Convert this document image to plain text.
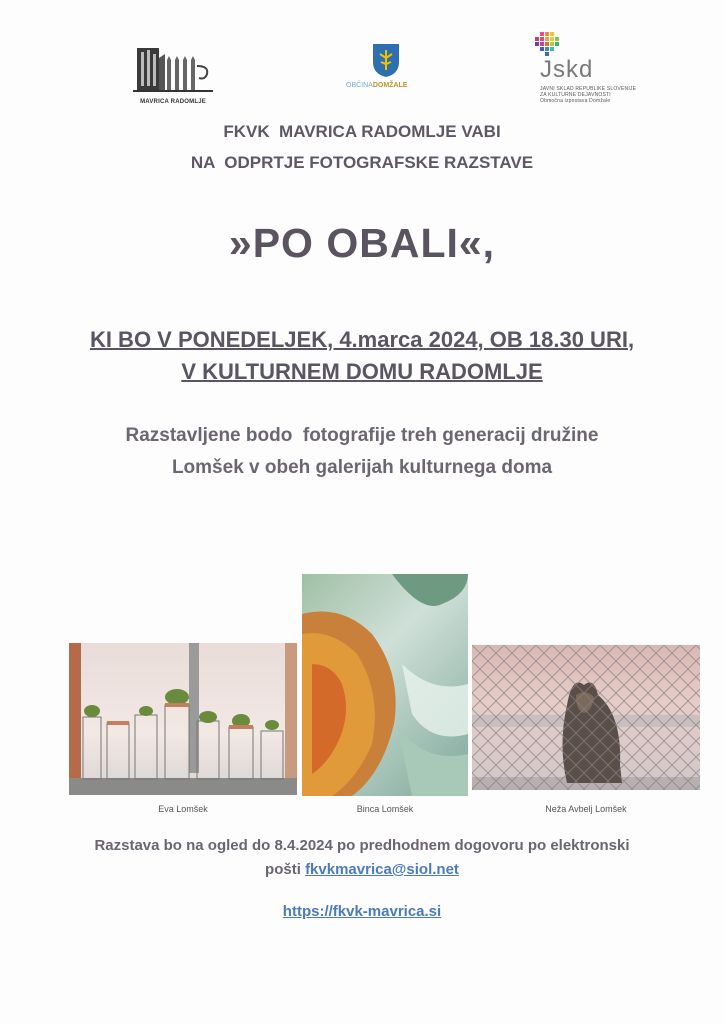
MAVRICA RADOMLJE
OBČINADOMŽALE
Jskd
JAVNI SKLAD REPUBLIKE SLOVENIJE
ZA KULTURNE DEJAVNOSTI
Območna izpostava Domžale
FKVK  MAVRICA RADOMLJE VABI
NA  ODPRTJE FOTOGRAFSKE RAZSTAVE
»PO OBALI«,
KI BO V PONEDELJEK, 4.marca 2024, OB 18.30 URI,
V KULTURNEM DOMU RADOMLJE
Razstavljene bodo  fotografije treh generacij družine
Lomšek v obeh galerijah kulturnega doma
Eva Lomšek	Binca Lomšek	Neža Avbelj Lomšek
Razstava bo na ogled do 8.4.2024 po predhodnem dogovoru po elektronski
pošti fkvkmavrica@siol.net
https://fkvk-mavrica.si
